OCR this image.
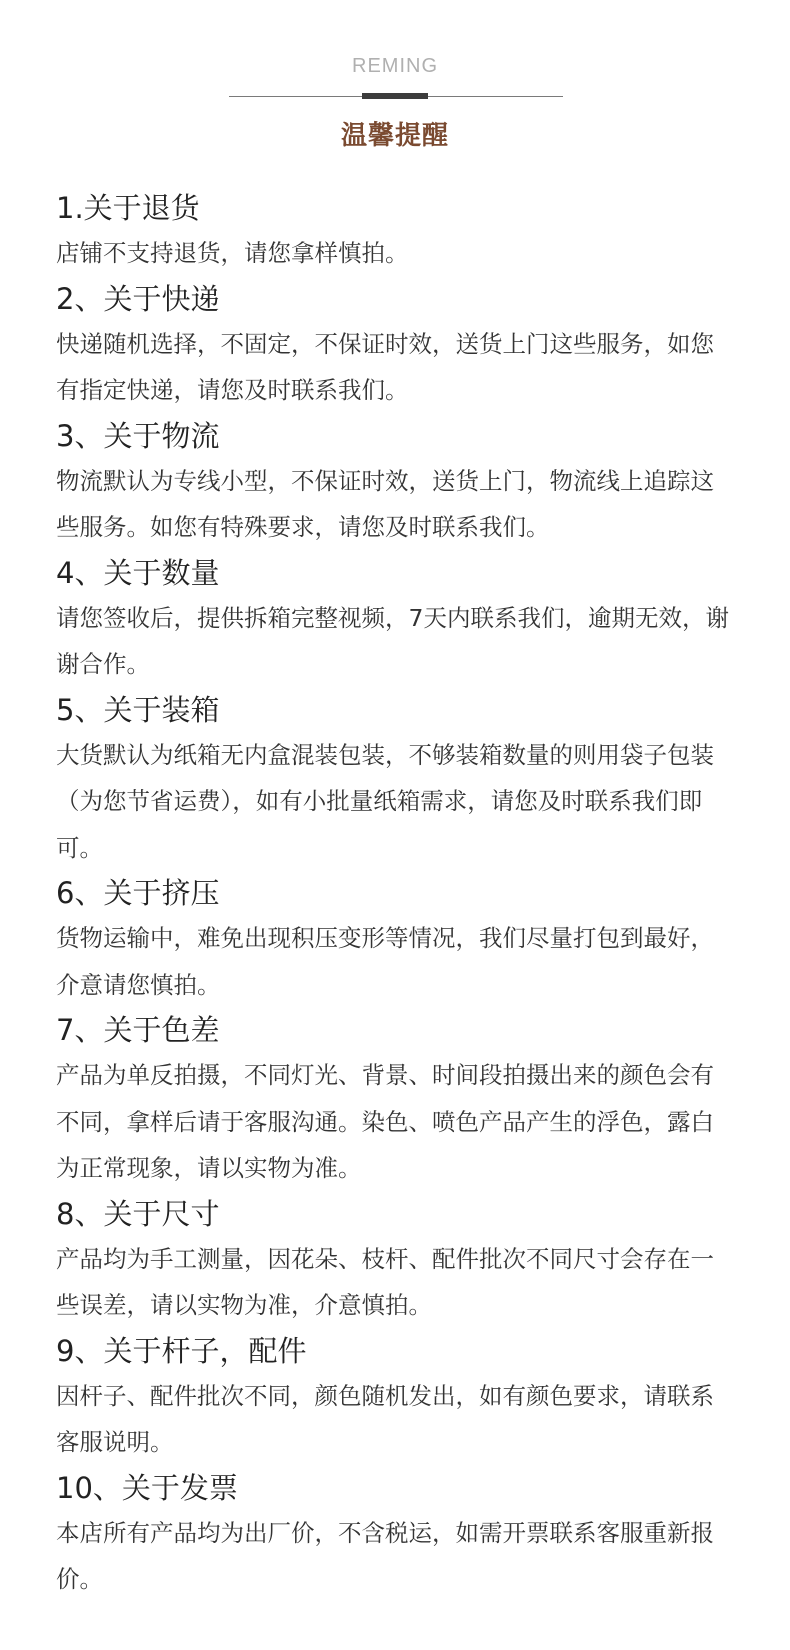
REMING
温馨提醒

1.关于退货

店铺不支持退货，请您拿样慎拍。

2、关于快递

快递随机选择，不固定，不保证时效，送货上门这些服务，如您有指定快递，请您及时联系我们。

3、关于物流

物流默认为专线小型，不保证时效，送货上门，物流线上追踪这些服务。如您有特殊要求，请您及时联系我们。

4、关于数量

请您签收后，提供拆箱完整视频，7天内联系我们，逾期无效，谢谢合作。

5、关于装箱

大货默认为纸箱无内盒混装包装，不够装箱数量的则用袋子包装（为您节省运费），如有小批量纸箱需求，请您及时联系我们即可。

6、关于挤压

货物运输中，难免出现积压变形等情况，我们尽量打包到最好，介意请您慎拍。

7、关于色差

产品为单反拍摄，不同灯光、背景、时间段拍摄出来的颜色会有不同，拿样后请于客服沟通。染色、喷色产品产生的浮色，露白为正常现象，请以实物为准。

8、关于尺寸

产品均为手工测量，因花朵、枝杆、配件批次不同尺寸会存在一些误差，请以实物为准，介意慎拍。

9、关于杆子，配件

因杆子、配件批次不同，颜色随机发出，如有颜色要求，请联系客服说明。

10、关于发票

本店所有产品均为出厂价，不含税运，如需开票联系客服重新报价。
